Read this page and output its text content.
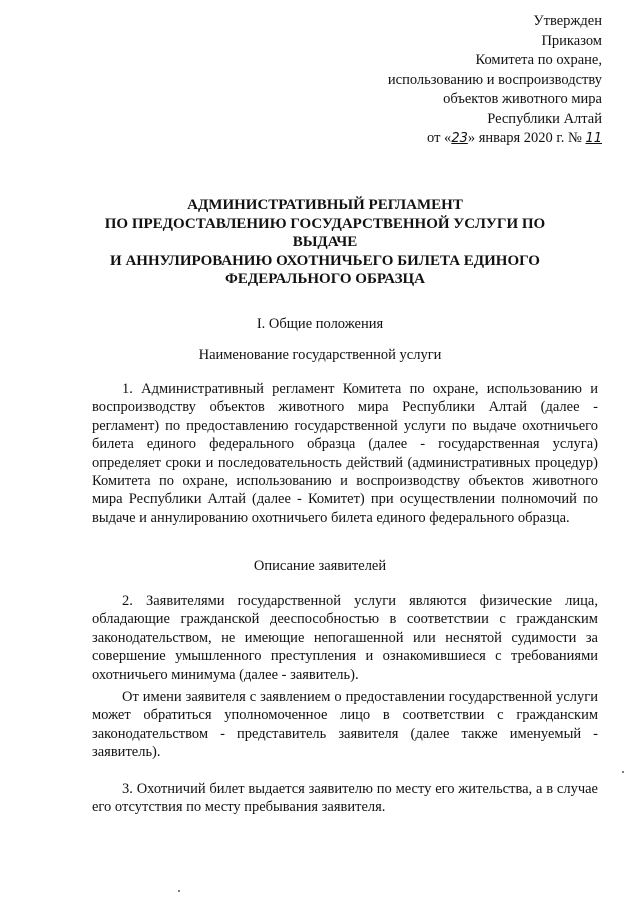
Утвержден
Приказом
Комитета по охране,
использованию и воспроизводству
объектов животного мира
Республики Алтай
от «23» января 2020 г. № 11
АДМИНИСТРАТИВНЫЙ РЕГЛАМЕНТ
ПО ПРЕДОСТАВЛЕНИЮ ГОСУДАРСТВЕННОЙ УСЛУГИ ПО ВЫДАЧЕ
И АННУЛИРОВАНИЮ ОХОТНИЧЬЕГО БИЛЕТА ЕДИНОГО ФЕДЕРАЛЬНОГО ОБРАЗЦА
I. Общие положения
Наименование государственной услуги
1. Административный регламент Комитета по охране, использованию и воспроизводству объектов животного мира Республики Алтай (далее - регламент) по предоставлению государственной услуги по выдаче охотничьего билета единого федерального образца (далее - государственная услуга) определяет сроки и последовательность действий (административных процедур) Комитета по охране, использованию и воспроизводству объектов животного мира Республики Алтай (далее - Комитет) при осуществлении полномочий по выдаче и аннулированию охотничьего билета единого федерального образца.
Описание заявителей
2. Заявителями государственной услуги являются физические лица, обладающие гражданской дееспособностью в соответствии с гражданским законодательством, не имеющие непогашенной или неснятой судимости за совершение умышленного преступления и ознакомившиеся с требованиями охотничьего минимума (далее - заявитель).
От имени заявителя с заявлением о предоставлении государственной услуги может обратиться уполномоченное лицо в соответствии с гражданским законодательством - представитель заявителя (далее также именуемый - заявитель).
3. Охотничий билет выдается заявителю по месту его жительства, а в случае его отсутствия по месту пребывания заявителя.
